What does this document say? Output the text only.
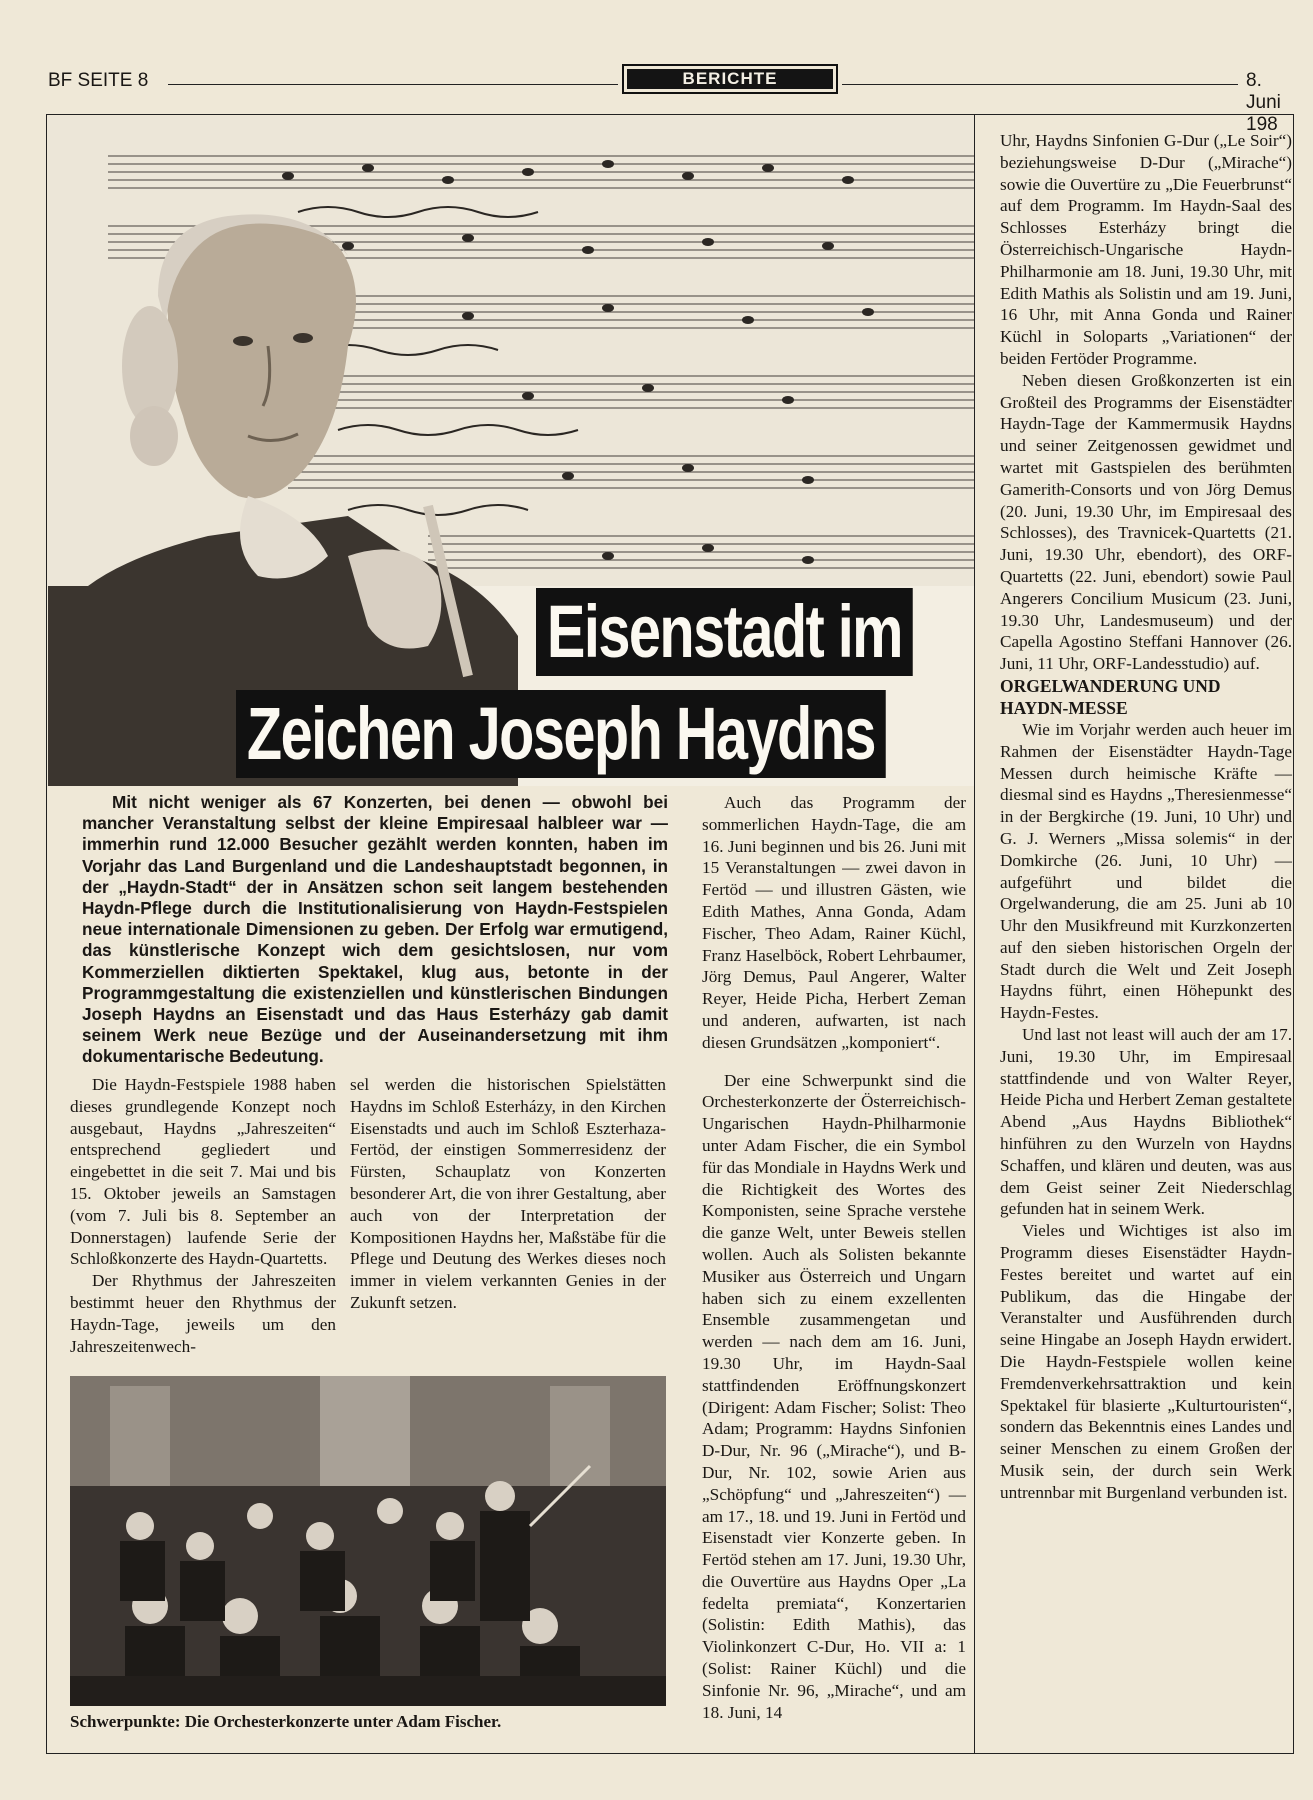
BF SEITE 8	BERICHTE	8. Juni 198
Eisenstadt im
Zeichen Joseph Haydns
Mit nicht weniger als 67 Konzerten, bei denen — obwohl bei mancher Veranstaltung selbst der kleine Empiresaal halbleer war — immerhin rund 12.000 Besucher gezählt werden konnten, haben im Vorjahr das Land Burgenland und die Landeshauptstadt begonnen, in der „Haydn-Stadt“ der in Ansätzen schon seit langem bestehenden Haydn-Pflege durch die Institutionalisierung von Haydn-Festspielen neue internationale Dimensionen zu geben. Der Erfolg war ermutigend, das künstlerische Konzept wich dem gesichtslosen, nur vom Kommerziellen diktierten Spektakel, klug aus, betonte in der Programmgestaltung die existenziellen und künstlerischen Bindungen Joseph Haydns an Eisenstadt und das Haus Esterházy gab damit seinem Werk neue Bezüge und der Auseinandersetzung mit ihm dokumentarische Bedeutung.

Die Haydn-Festspiele 1988 haben dieses grundlegende Konzept noch ausgebaut, Haydns „Jahreszeiten“ entsprechend gegliedert und eingebettet in die seit 7. Mai und bis 15. Oktober jeweils an Samstagen (vom 7. Juli bis 8. September an Donnerstagen) laufende Serie der Schloßkonzerte des Haydn-Quartetts.

Der Rhythmus der Jahreszeiten bestimmt heuer den Rhythmus der Haydn-Tage, jeweils um den Jahreszeitenwech-

sel werden die historischen Spielstätten Haydns im Schloß Esterházy, in den Kirchen Eisenstadts und auch im Schloß Eszterhaza-Fertöd, der einstigen Sommerresidenz der Fürsten, Schauplatz von Konzerten besonderer Art, die von ihrer Gestaltung, aber auch von der Interpretation der Kompositionen Haydns her, Maßstäbe für die Pflege und Deutung des Werkes dieses noch immer in vielem verkannten Genies in der Zukunft setzen.

Auch das Programm der sommerlichen Haydn-Tage, die am 16. Juni beginnen und bis 26. Juni mit 15 Veranstaltungen — zwei davon in Fertöd — und illustren Gästen, wie Edith Mathes, Anna Gonda, Adam Fischer, Theo Adam, Rainer Küchl, Franz Haselböck, Robert Lehrbaumer, Jörg Demus, Paul Angerer, Walter Reyer, Heide Picha, Herbert Zeman und anderen, aufwarten, ist nach diesen Grundsätzen „komponiert“.

Der eine Schwerpunkt sind die Orchesterkonzerte der Österreichisch-Ungarischen Haydn-Philharmonie unter Adam Fischer, die ein Symbol für das Mondiale in Haydns Werk und die Richtigkeit des Wortes des Komponisten, seine Sprache verstehe die ganze Welt, unter Beweis stellen wollen. Auch als Solisten bekannte Musiker aus Österreich und Ungarn haben sich zu einem exzellenten Ensemble zusammengetan und werden — nach dem am 16. Juni, 19.30 Uhr, im Haydn-Saal stattfindenden Eröffnungskonzert (Dirigent: Adam Fischer; Solist: Theo Adam; Programm: Haydns Sinfonien D-Dur, Nr. 96 („Mirache“), und B-Dur, Nr. 102, sowie Arien aus „Schöpfung“ und „Jahreszeiten“) — am 17., 18. und 19. Juni in Fertöd und Eisenstadt vier Konzerte geben. In Fertöd stehen am 17. Juni, 19.30 Uhr, die Ouvertüre aus Haydns Oper „La fedelta premiata“, Konzertarien (Solistin: Edith Mathis), das Violinkonzert C-Dur, Ho. VII a: 1 (Solist: Rainer Küchl) und die Sinfonie Nr. 96, „Mirache“, und am 18. Juni, 14

Uhr, Haydns Sinfonien G-Dur („Le Soir“) beziehungsweise D-Dur („Mirache“) sowie die Ouvertüre zu „Die Feuerbrunst“ auf dem Programm. Im Haydn-Saal des Schlosses Esterházy bringt die Österreichisch-Ungarische Haydn-Philharmonie am 18. Juni, 19.30 Uhr, mit Edith Mathis als Solistin und am 19. Juni, 16 Uhr, mit Anna Gonda und Rainer Küchl in Soloparts „Variationen“ der beiden Fertöder Programme.

Neben diesen Großkonzerten ist ein Großteil des Programms der Eisenstädter Haydn-Tage der Kammermusik Haydns und seiner Zeitgenossen gewidmet und wartet mit Gastspielen des berühmten Gamerith-Consorts und von Jörg Demus (20. Juni, 19.30 Uhr, im Empiresaal des Schlosses), des Travnicek-Quartetts (21. Juni, 19.30 Uhr, ebendort), des ORF-Quartetts (22. Juni, ebendort) sowie Paul Angerers Concilium Musicum (23. Juni, 19.30 Uhr, Landesmuseum) und der Capella Agostino Steffani Hannover (26. Juni, 11 Uhr, ORF-Landesstudio) auf.

ORGELWANDERUNG UND HAYDN-MESSE

Wie im Vorjahr werden auch heuer im Rahmen der Eisenstädter Haydn-Tage Messen durch heimische Kräfte — diesmal sind es Haydns „Theresienmesse“ in der Bergkirche (19. Juni, 10 Uhr) und G. J. Werners „Missa solemis“ in der Domkirche (26. Juni, 10 Uhr) — aufgeführt und bildet die Orgelwanderung, die am 25. Juni ab 10 Uhr den Musikfreund mit Kurzkonzerten auf den sieben historischen Orgeln der Stadt durch die Welt und Zeit Joseph Haydns führt, einen Höhepunkt des Haydn-Festes.

Und last not least will auch der am 17. Juni, 19.30 Uhr, im Empiresaal stattfindende und von Walter Reyer, Heide Picha und Herbert Zeman gestaltete Abend „Aus Haydns Bibliothek“ hinführen zu den Wurzeln von Haydns Schaffen, und klären und deuten, was aus dem Geist seiner Zeit Niederschlag gefunden hat in seinem Werk.

Vieles und Wichtiges ist also im Programm dieses Eisenstädter Haydn-Festes bereitet und wartet auf ein Publikum, das die Hingabe der Veranstalter und Ausführenden durch seine Hingabe an Joseph Haydn erwidert. Die Haydn-Festspiele wollen keine Fremdenverkehrsattraktion und kein Spektakel für blasierte „Kulturtouristen“, sondern das Bekenntnis eines Landes und seiner Menschen zu einem Großen der Musik sein, der durch sein Werk untrennbar mit Burgenland verbunden ist.

Schwerpunkte: Die Orchesterkonzerte unter Adam Fischer.
